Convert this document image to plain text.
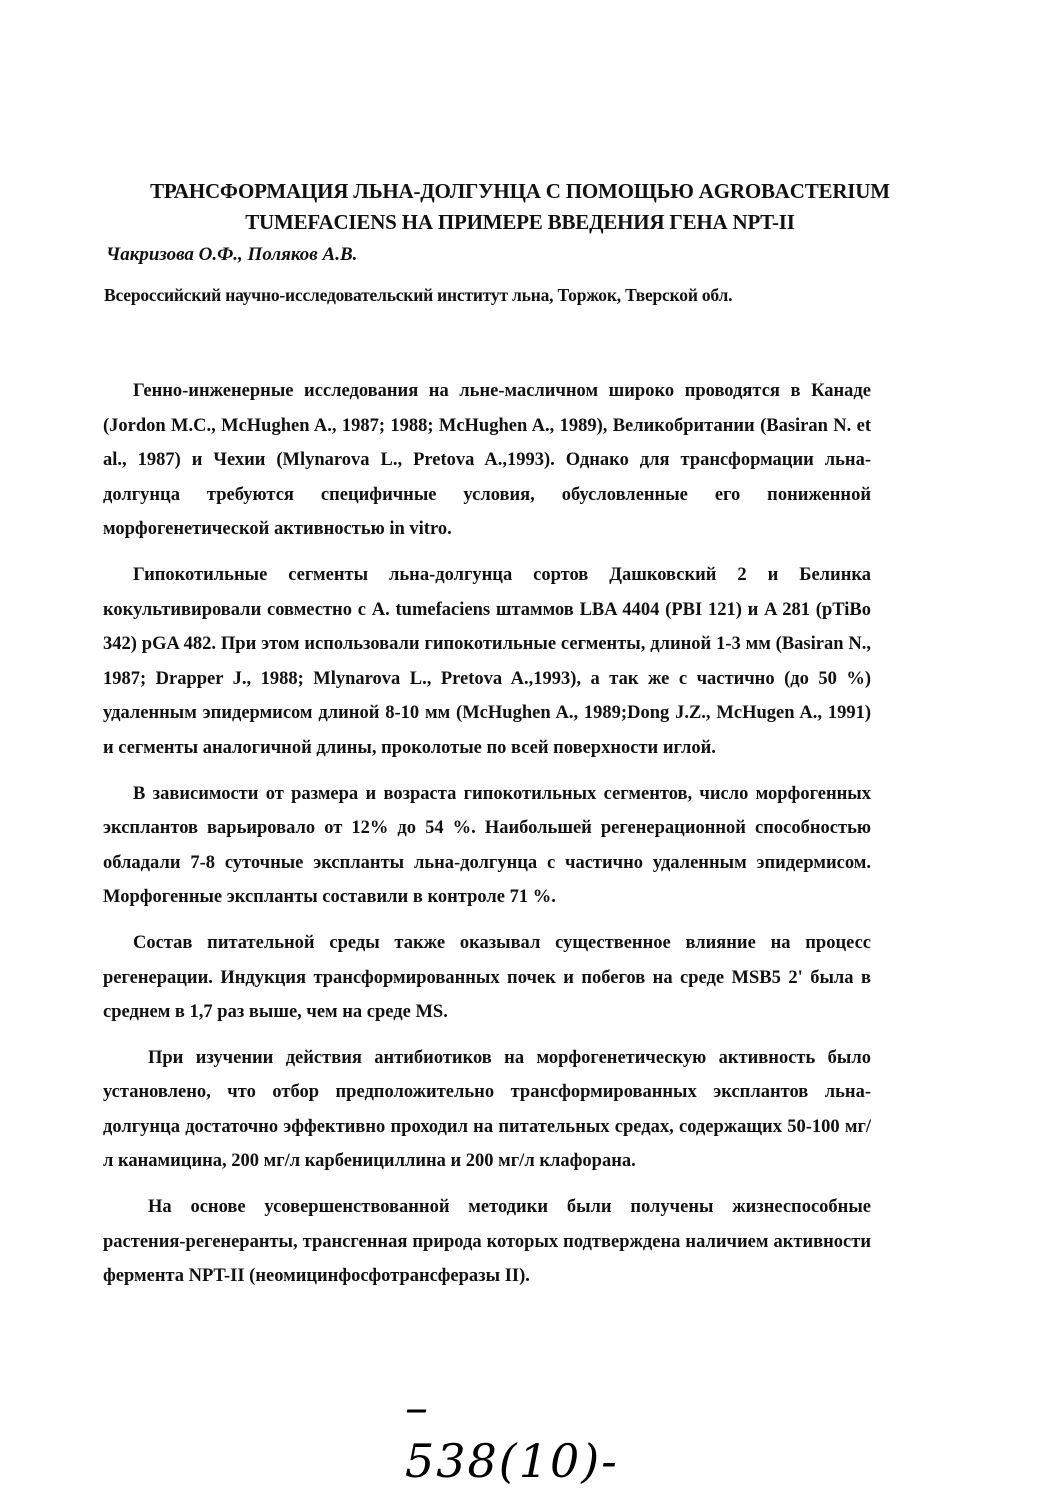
ТРАНСФОРМАЦИЯ ЛЬНА-ДОЛГУНЦА С ПОМОЩЬЮ AGROBACTERIUM
TUMEFACIENS НА ПРИМЕРЕ ВВЕДЕНИЯ ГЕНА NPT-II
Чакризова О.Ф., Поляков А.В.
Всероссийский научно-исследовательский институт льна, Торжок, Тверской обл.

Генно-инженерные исследования на льне-масличном широко проводятся в Канаде (Jordon M.C., McHughen A., 1987; 1988; McHughen A., 1989), Великобритании (Basiran N. et al., 1987) и Чехии (Mlynarova L., Pretova A.,1993). Однако для трансформации льна-долгунца требуются специфичные условия, обусловленные его пониженной морфогенетической активностью in vitro.

Гипокотильные сегменты льна-долгунца сортов Дашковский 2 и Белинка кокультивировали совместно с A. tumefaciens штаммов LBA 4404 (PBI 121) и A 281 (pTiBo 342) pGA 482. При этом использовали гипокотильные сегменты, длиной 1-3 мм (Basiran N., 1987; Drapper J., 1988; Mlynarova L., Pretova A.,1993), а так же с частично (до 50 %) удаленным эпидермисом длиной 8-10 мм (McHughen A., 1989;Dong J.Z., McHugen A., 1991) и сегменты аналогичной длины, проколотые по всей поверхности иглой.

В зависимости от размера и возраста гипокотильных сегментов, число морфогенных эксплантов варьировало от 12% до 54 %. Наибольшей регенерационной способностью обладали 7-8 суточные экспланты льна-долгунца с частично удаленным эпидермисом. Морфогенные экспланты составили в контроле 71 %.

Состав питательной среды также оказывал существенное влияние на процесс регенерации. Индукция трансформированных почек и побегов на среде MSB5 2' была в среднем в 1,7 раз выше, чем на среде MS.

При изучении действия антибиотиков на морфогенетическую активность было установлено, что отбор предположительно трансформированных эксплантов льна-долгунца достаточно эффективно проходил на питательных средах, содержащих 50-100 мг/л канамицина, 200 мг/л карбенициллина и 200 мг/л клафорана.

На основе усовершенствованной методики были получены жизнеспособные растения-регенеранты, трансгенная природа которых подтверждена наличием активности фермента NPT-II (неомицинфосфотрансферазы II).

– 538(10)-
